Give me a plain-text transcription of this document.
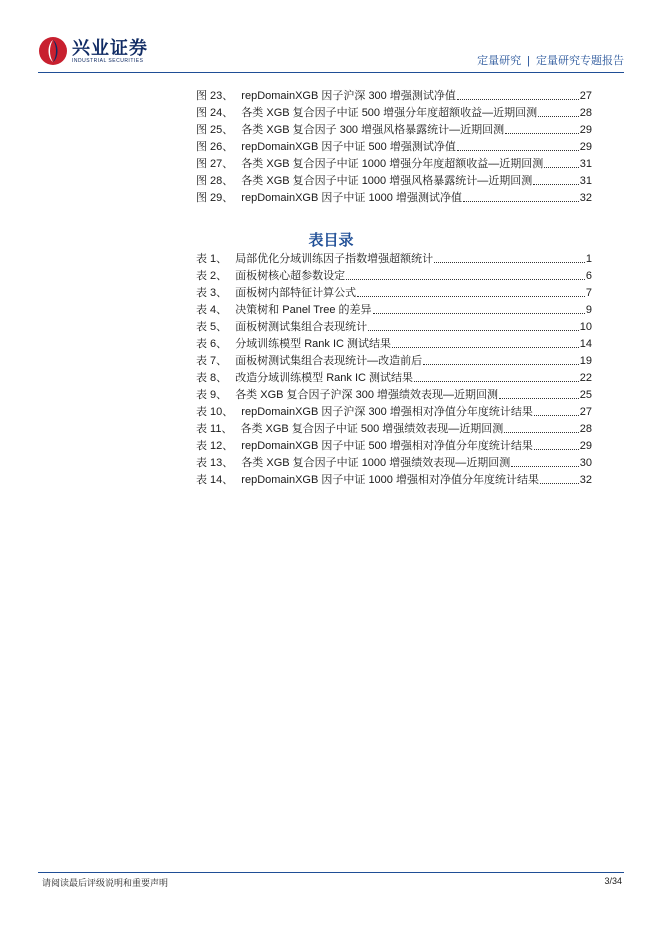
兴业证券
INDUSTRIAL SECURITIES	定量研究 | 定量研究专题报告
图 23、 repDomainXGB 因子沪深 300 增强测试净值	27
图 24、 各类 XGB 复合因子中证 500 增强分年度超额收益—近期回测	28
图 25、 各类 XGB 复合因子 300 增强风格暴露统计—近期回测	29
图 26、 repDomainXGB 因子中证 500 增强测试净值	29
图 27、 各类 XGB 复合因子中证 1000 增强分年度超额收益—近期回测	31
图 28、 各类 XGB 复合因子中证 1000 增强风格暴露统计—近期回测	31
图 29、 repDomainXGB 因子中证 1000 增强测试净值	32
表目录
表 1、 局部优化分域训练因子指数增强超额统计	1
表 2、 面板树核心超参数设定	6
表 3、 面板树内部特征计算公式	7
表 4、 决策树和 Panel Tree 的差异	9
表 5、 面板树测试集组合表现统计	10
表 6、 分域训练模型 Rank IC 测试结果	14
表 7、 面板树测试集组合表现统计—改造前后	19
表 8、 改造分域训练模型 Rank IC 测试结果	22
表 9、 各类 XGB 复合因子沪深 300 增强绩效表现—近期回测	25
表 10、 repDomainXGB 因子沪深 300 增强相对净值分年度统计结果	27
表 11、 各类 XGB 复合因子中证 500 增强绩效表现—近期回测	28
表 12、 repDomainXGB 因子中证 500 增强相对净值分年度统计结果	29
表 13、 各类 XGB 复合因子中证 1000 增强绩效表现—近期回测	30
表 14、 repDomainXGB 因子中证 1000 增强相对净值分年度统计结果	32
请阅读最后评级说明和重要声明	3/34
